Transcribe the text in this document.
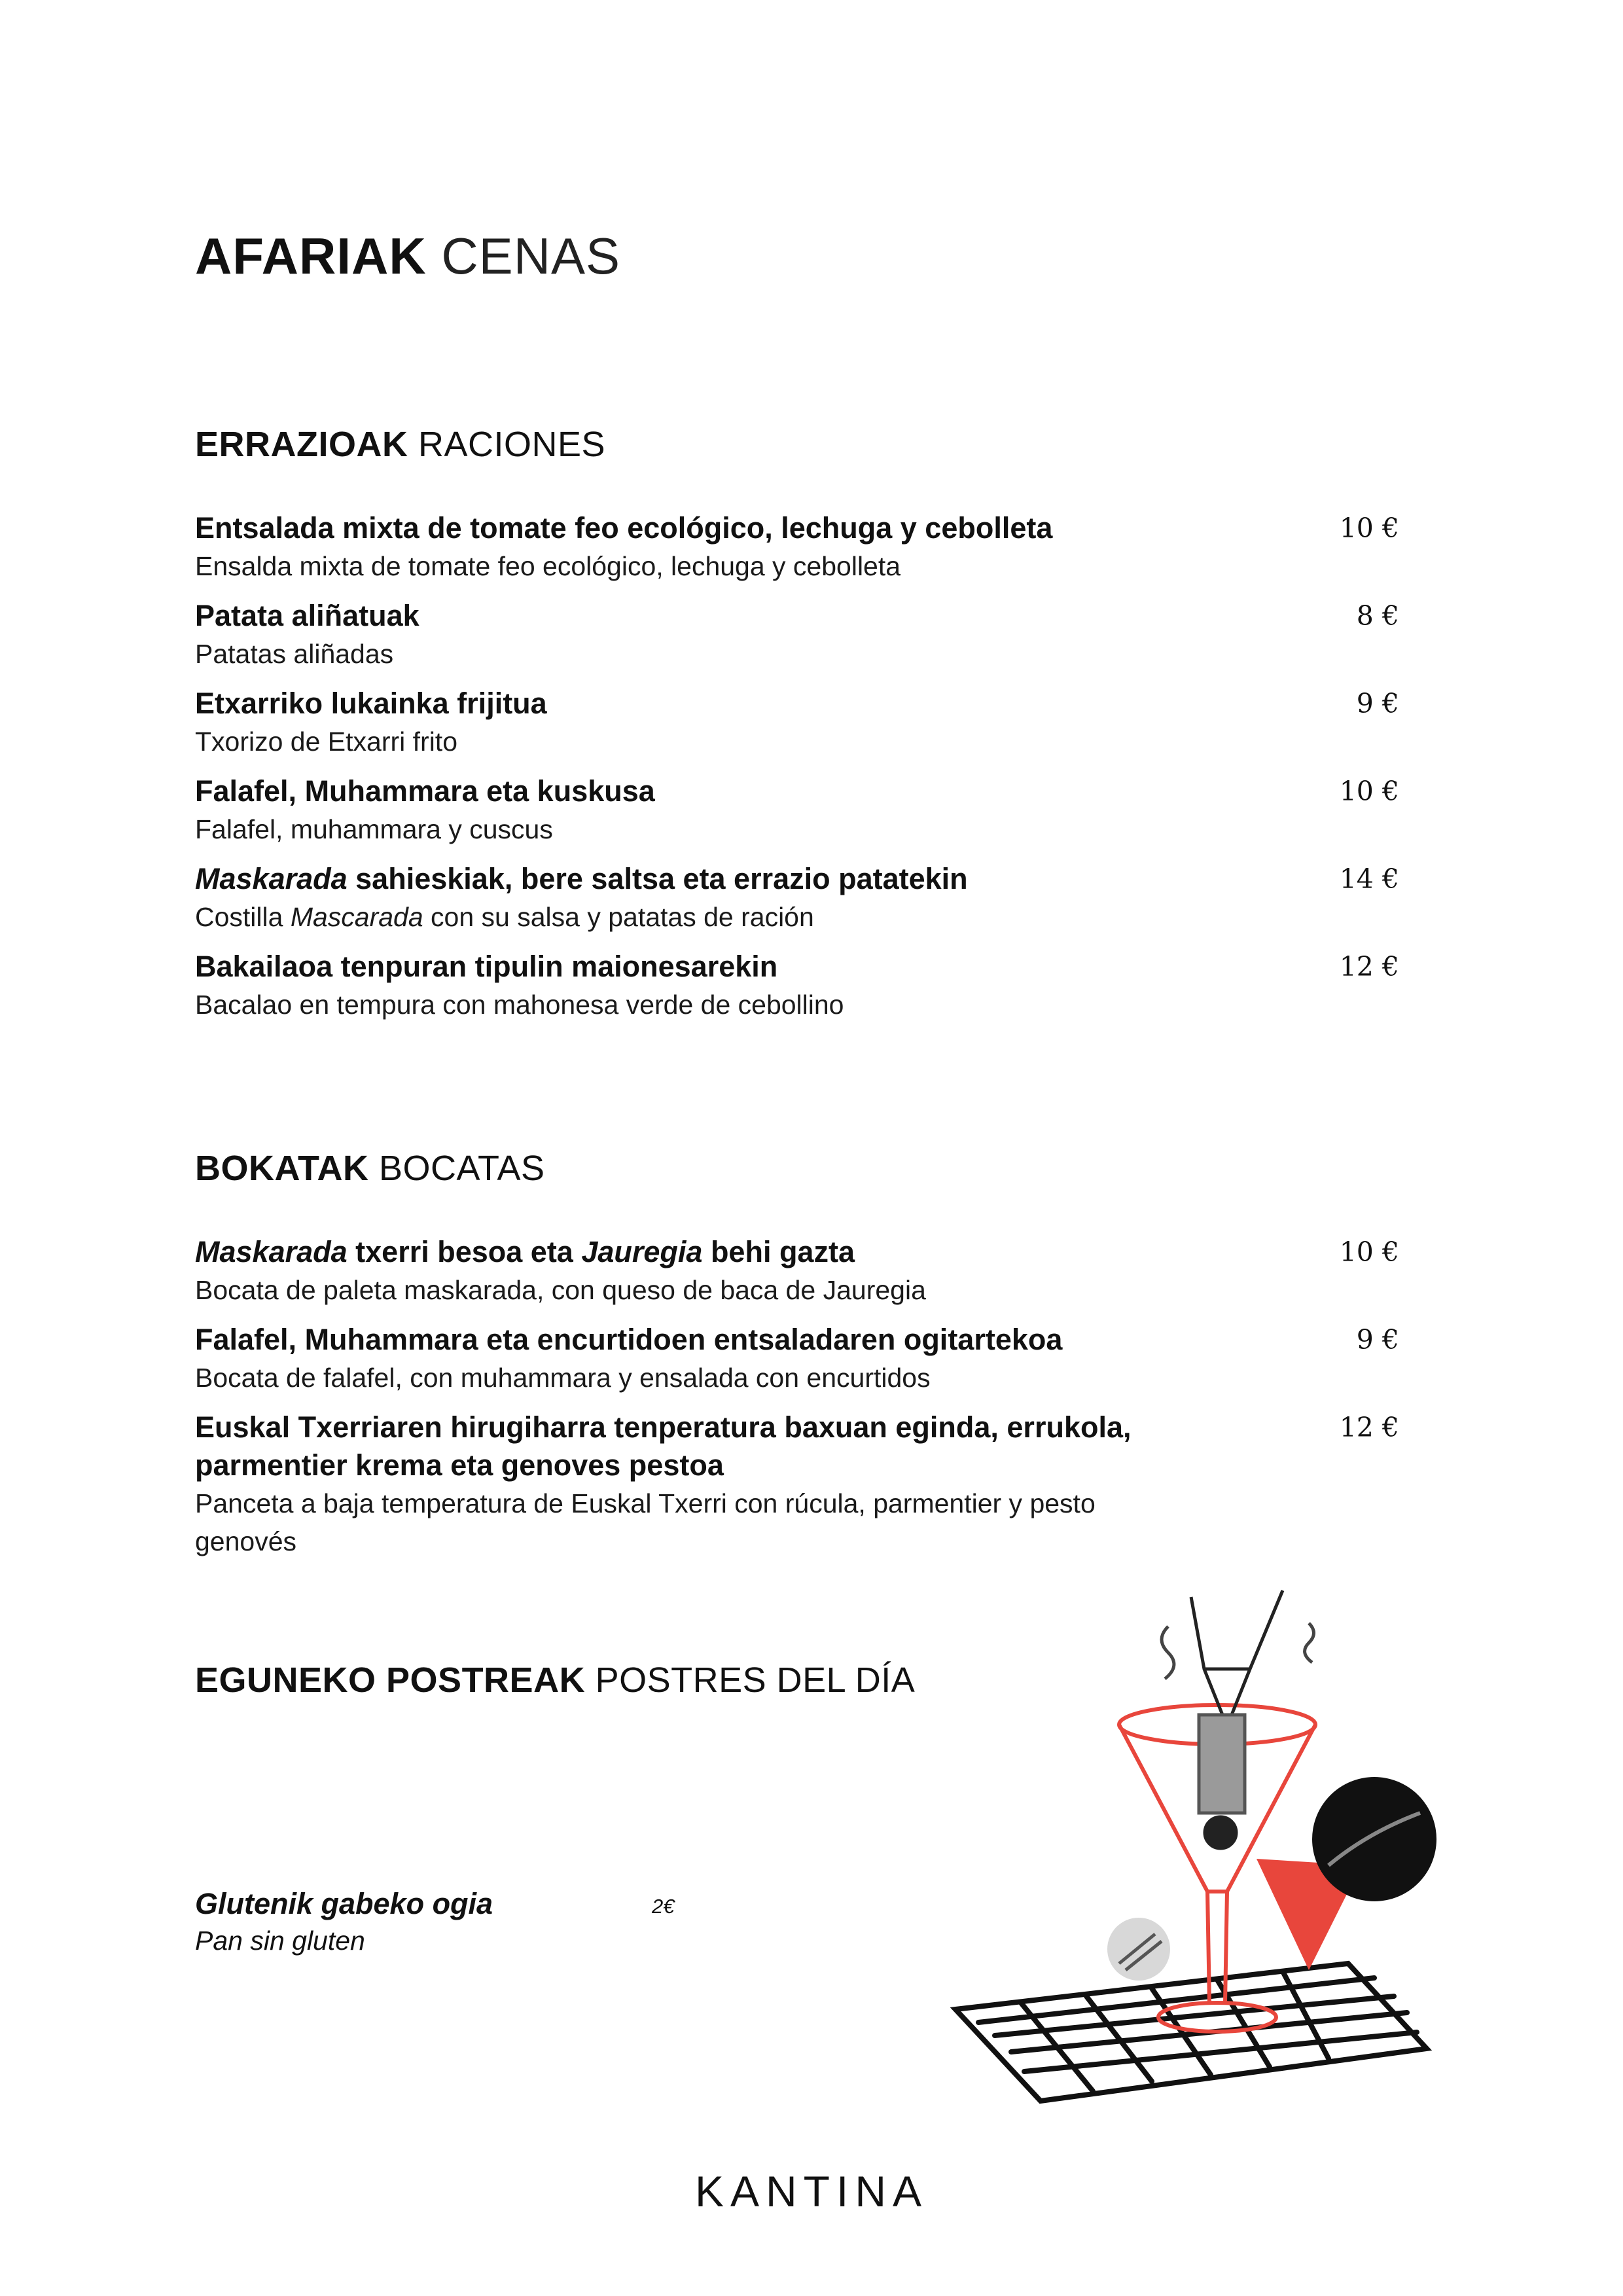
AFARIAK CENAS
ERRAZIOAK RACIONES
Entsalada mixta de tomate feo ecológico, lechuga y cebolleta
Ensalda mixta de tomate feo ecológico, lechuga y cebolleta
10 €
Patata aliñatuak
Patatas aliñadas
8 €
Etxarriko lukainka frijitua
Txorizo de Etxarri frito
9 €
Falafel, Muhammara eta kuskusa
Falafel, muhammara y cuscus
10 €
Maskarada sahieskiak, bere saltsa eta errazio patatekin
Costilla Mascarada con su salsa y patatas de ración
14 €
Bakailaoa tenpuran tipulin maionesarekin
Bacalao en tempura con mahonesa verde de cebollino
12 €
BOKATAK BOCATAS
Maskarada txerri besoa eta Jauregia behi gazta
Bocata de paleta maskarada, con queso de baca de Jauregia
10 €
Falafel, Muhammara eta encurtidoen entsaladaren ogitartekoa
Bocata de falafel, con muhammara y ensalada con encurtidos
9 €
Euskal Txerriaren hirugiharra tenperatura baxuan eginda, errukola, parmentier krema eta genoves pestoa
Panceta a baja temperatura de Euskal Txerri con rúcula, parmentier y pesto genovés
12 €
EGUNEKO POSTREAK POSTRES DEL DÍA
Glutenik gabeko ogia	2€
Pan sin gluten
KANTINA
